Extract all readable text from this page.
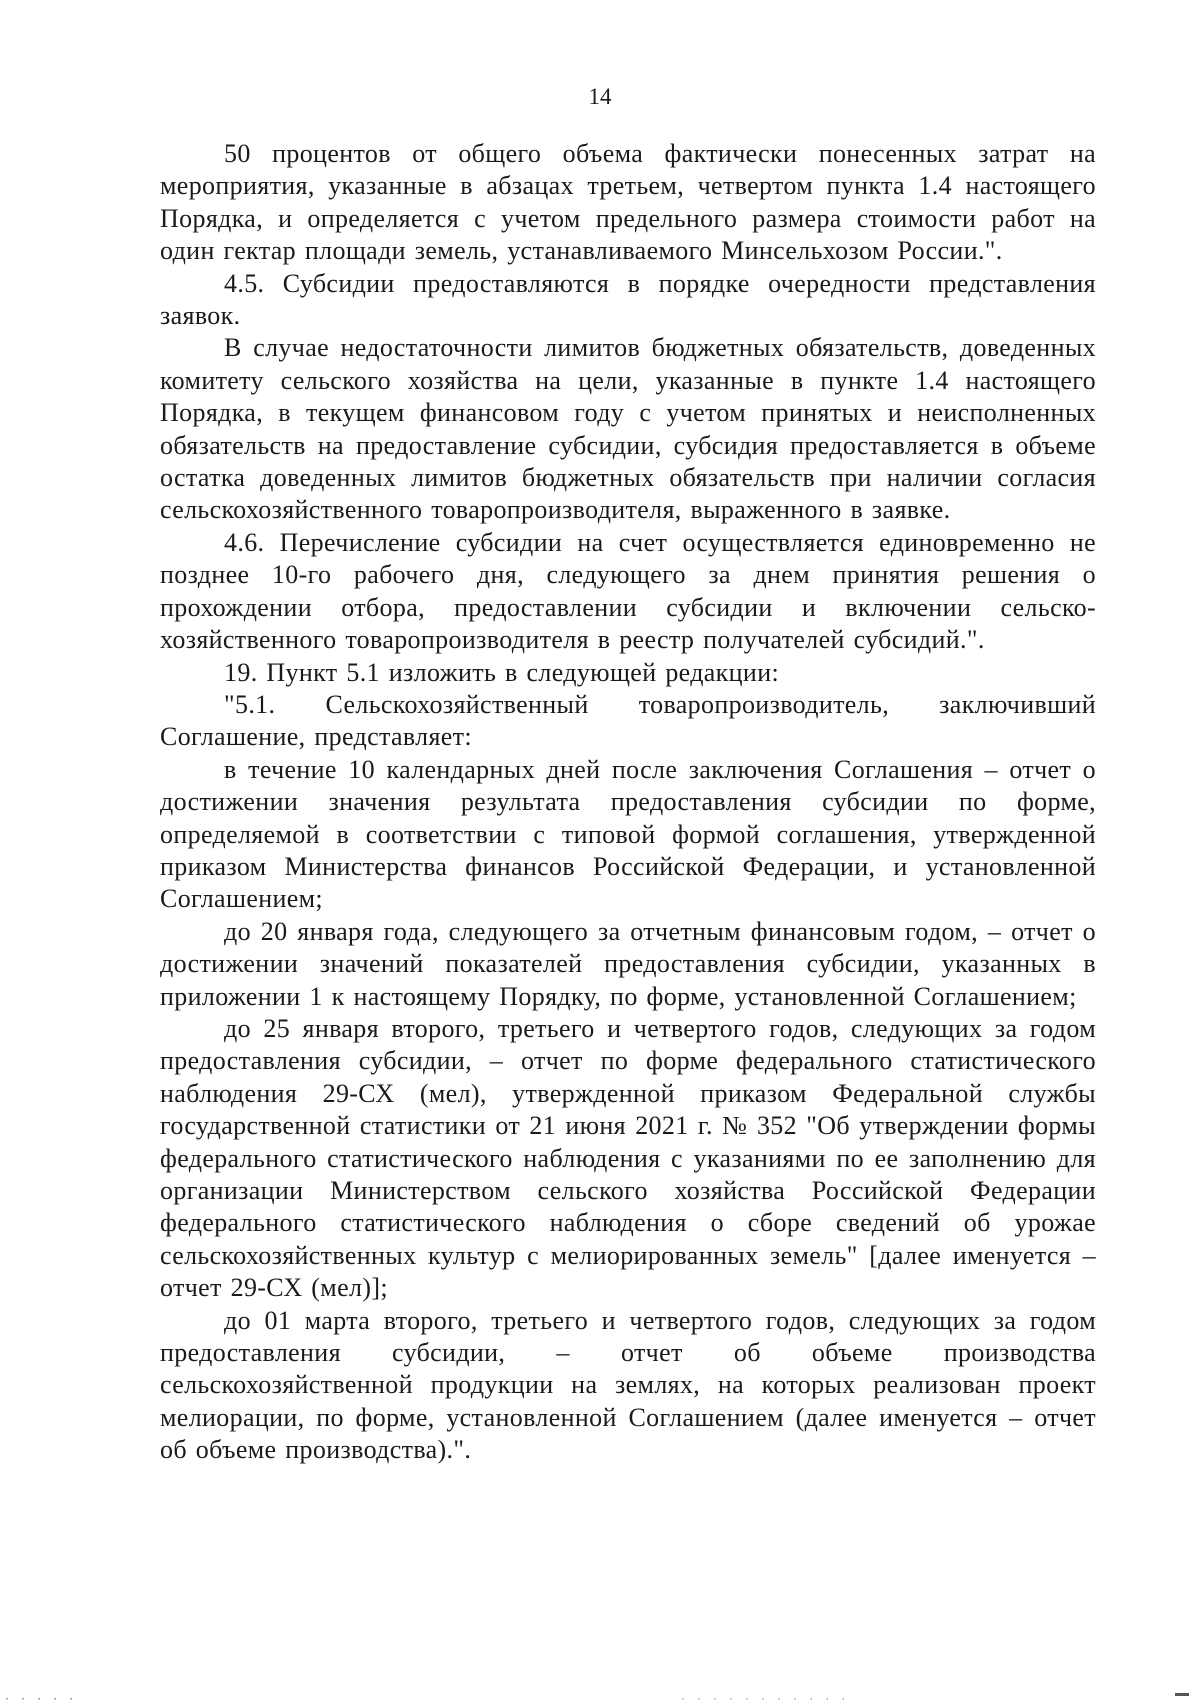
14

50 процентов от общего объема фактически понесенных затрат на мероприятия, указанные в абзацах третьем, четвертом пункта 1.4 настоящего Порядка, и определяется с учетом предельного размера стоимости работ на один гектар площади земель, устанавливаемого Минсельхозом России.".

4.5. Субсидии предоставляются в порядке очередности представления заявок.

В случае недостаточности лимитов бюджетных обязательств, доведенных комитету сельского хозяйства на цели, указанные в пункте 1.4 настоящего Порядка, в текущем финансовом году с учетом принятых и неисполненных обязательств на предоставление субсидии, субсидия предоставляется в объеме остатка доведенных лимитов бюджетных обязательств при наличии согласия сельскохозяйственного товаропроизводителя, выраженного в заявке.

4.6. Перечисление субсидии на счет осуществляется единовременно не позднее 10-го рабочего дня, следующего за днем принятия решения о прохождении отбора, предоставлении субсидии и включении сельско-хозяйственного товаропроизводителя в реестр получателей субсидий.".

19. Пункт 5.1 изложить в следующей редакции:

"5.1. Сельскохозяйственный товаропроизводитель, заключивший Соглашение, представляет:

в течение 10 календарных дней после заключения Соглашения – отчет о достижении значения результата предоставления субсидии по форме, определяемой в соответствии с типовой формой соглашения, утвержденной приказом Министерства финансов Российской Федерации, и установленной Соглашением;

до 20 января года, следующего за отчетным финансовым годом, – отчет о достижении значений показателей предоставления субсидии, указанных в приложении 1 к настоящему Порядку, по форме, установленной Соглашением;

до 25 января второго, третьего и четвертого годов, следующих за годом предоставления субсидии, – отчет по форме федерального статистического наблюдения 29-СХ (мел), утвержденной приказом Федеральной службы государственной статистики от 21 июня 2021 г. № 352 "Об утверждении формы федерального статистического наблюдения с указаниями по ее заполнению для организации Министерством сельского хозяйства Российской Федерации федерального статистического наблюдения о сборе сведений об урожае сельскохозяйственных культур с мелиорированных земель" [далее именуется – отчет 29-СХ (мел)];

до 01 марта второго, третьего и четвертого годов, следующих за годом предоставления субсидии, – отчет об объеме производства сельскохозяйственной продукции на землях, на которых реализован проект мелиорации, по форме, установленной Соглашением (далее именуется – отчет об объеме производства).".

· · · · ·	· · · · · · · · · · ·
